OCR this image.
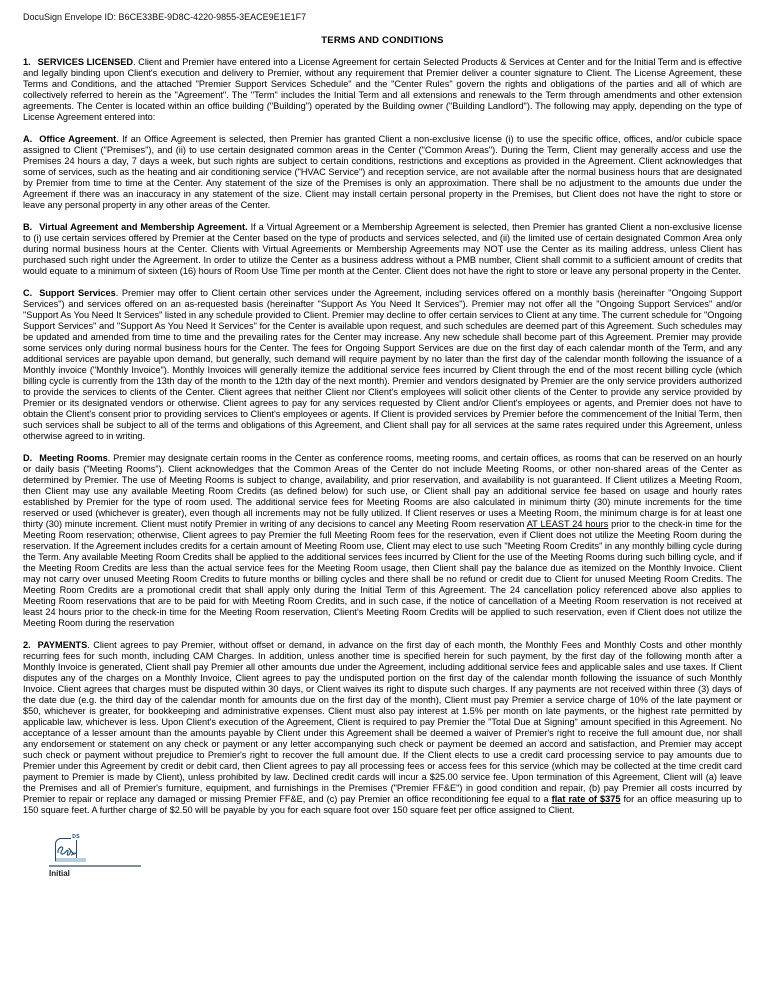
DocuSign Envelope ID: B6CE33BE-9D8C-4220-9855-3EACE9E1E1F7
TERMS AND CONDITIONS

1. SERVICES LICENSED. Client and Premier have entered into a License Agreement for certain Selected Products & Services at Center and for the Initial Term and is effective and legally binding upon Client's execution and delivery to Premier, without any requirement that Premier deliver a counter signature to Client. The License Agreement, these Terms and Conditions, and the attached "Premier Support Services Schedule" and the "Center Rules" govern the rights and obligations of the parties and all of which are collectively referred to herein as the "Agreement". The "Term" includes the Initial Term and all extensions and renewals to the Term through amendments and other extension agreements. The Center is located within an office building ("Building") operated by the Building owner ("Building Landlord"). The following may apply, depending on the type of License Agreement entered into:

A. Office Agreement. If an Office Agreement is selected, then Premier has granted Client a non-exclusive license (i) to use the specific office, offices, and/or cubicle space assigned to Client ("Premises"), and (ii) to use certain designated common areas in the Center ("Common Areas"). During the Term, Client may generally access and use the Premises 24 hours a day, 7 days a week, but such rights are subject to certain conditions, restrictions and exceptions as provided in the Agreement. Client acknowledges that some of services, such as the heating and air conditioning service ("HVAC Service") and reception service, are not available after the normal business hours that are designated by Premier from time to time at the Center. Any statement of the size of the Premises is only an approximation. There shall be no adjustment to the amounts due under the Agreement if there was an inaccuracy in any statement of the size. Client may install certain personal property in the Premises, but Client does not have the right to store or leave any personal property in any other areas of the Center.

B. Virtual Agreement and Membership Agreement. If a Virtual Agreement or a Membership Agreement is selected, then Premier has granted Client a non-exclusive license to (i) use certain services offered by Premier at the Center based on the type of products and services selected, and (ii) the limited use of certain designated Common Area only during normal business hours at the Center. Clients with Virtual Agreements or Membership Agreements may NOT use the Center as its mailing address, unless Client has purchased such right under the Agreement. In order to utilize the Center as a business address without a PMB number, Client shall commit to a sufficient amount of credits that would equate to a minimum of sixteen (16) hours of Room Use Time per month at the Center. Client does not have the right to store or leave any personal property in the Center.

C. Support Services. Premier may offer to Client certain other services under the Agreement, including services offered on a monthly basis (hereinafter "Ongoing Support Services") and services offered on an as-requested basis (hereinafter "Support As You Need It Services"). Premier may not offer all the "Ongoing Support Services" and/or "Support As You Need It Services" listed in any schedule provided to Client. Premier may decline to offer certain services to Client at any time. The current schedule for "Ongoing Support Services" and "Support As You Need It Services" for the Center is available upon request, and such schedules are deemed part of this Agreement. Such schedules may be updated and amended from time to time and the prevailing rates for the Center may increase. Any new schedule shall become part of this Agreement. Premier may provide some services only during normal business hours for the Center. The fees for Ongoing Support Services are due on the first day of each calendar month of the Term, and any additional services are payable upon demand, but generally, such demand will require payment by no later than the first day of the calendar month following the issuance of a Monthly invoice ("Monthly Invoice"). Monthly Invoices will generally itemize the additional service fees incurred by Client through the end of the most recent billing cycle (which billing cycle is currently from the 13th day of the month to the 12th day of the next month). Premier and vendors designated by Premier are the only service providers authorized to provide the services to clients of the Center. Client agrees that neither Client nor Client's employees will solicit other clients of the Center to provide any service provided by Premier or its designated vendors or otherwise. Client agrees to pay for any services requested by Client and/or Client's employees or agents, and Premier does not have to obtain the Client's consent prior to providing services to Client's employees or agents. If Client is provided services by Premier before the commencement of the Initial Term, then such services shall be subject to all of the terms and obligations of this Agreement, and Client shall pay for all services at the same rates required under this Agreement, unless otherwise agreed to in writing.

D. Meeting Rooms. Premier may designate certain rooms in the Center as conference rooms, meeting rooms, and certain offices, as rooms that can be reserved on an hourly or daily basis ("Meeting Rooms"). Client acknowledges that the Common Areas of the Center do not include Meeting Rooms, or other non-shared areas of the Center as determined by Premier. The use of Meeting Rooms is subject to change, availability, and prior reservation, and availability is not guaranteed. If Client utilizes a Meeting Room, then Client may use any available Meeting Room Credits (as defined below) for such use, or Client shall pay an additional service fee based on usage and hourly rates established by Premier for the type of room used. The additional service fees for Meeting Rooms are also calculated in minimum thirty (30) minute increments for the time reserved or used (whichever is greater), even though all increments may not be fully utilized. If Client reserves or uses a Meeting Room, the minimum charge is for at least one thirty (30) minute increment. Client must notify Premier in writing of any decisions to cancel any Meeting Room reservation AT LEAST 24 hours prior to the check-in time for the Meeting Room reservation; otherwise, Client agrees to pay Premier the full Meeting Room fees for the reservation, even if Client does not utilize the Meeting Room during the reservation. If the Agreement includes credits for a certain amount of Meeting Room use, Client may elect to use such "Meeting Room Credits" in any monthly billing cycle during the Term. Any available Meeting Room Credits shall be applied to the additional services fees incurred by Client for the use of the Meeting Rooms during such billing cycle, and if the Meeting Room Credits are less than the actual service fees for the Meeting Room usage, then Client shall pay the balance due as itemized on the Monthly Invoice. Client may not carry over unused Meeting Room Credits to future months or billing cycles and there shall be no refund or credit due to Client for unused Meeting Room Credits. The Meeting Room Credits are a promotional credit that shall apply only during the Initial Term of this Agreement. The 24 cancellation policy referenced above also applies to Meeting Room reservations that are to be paid for with Meeting Room Credits, and in such case, if the notice of cancellation of a Meeting Room reservation is not received at least 24 hours prior to the check-in time for the Meeting Room reservation, Client's Meeting Room Credits will be applied to such reservation, even if Client does not utilize the Meeting Room during the reservation

2. PAYMENTS. Client agrees to pay Premier, without offset or demand, in advance on the first day of each month, the Monthly Fees and Monthly Costs and other monthly recurring fees for such month, including CAM Charges. In addition, unless another time is specified herein for such payment, by the first day of the following month after a Monthly Invoice is generated, Client shall pay Premier all other amounts due under the Agreement, including additional service fees and applicable sales and use taxes. If Client disputes any of the charges on a Monthly Invoice, Client agrees to pay the undisputed portion on the first day of the calendar month following the issuance of such Monthly Invoice. Client agrees that charges must be disputed within 30 days, or Client waives its right to dispute such charges. If any payments are not received within three (3) days of the date due (e.g. the third day of the calendar month for amounts due on the first day of the month), Client must pay Premier a service charge of 10% of the late payment or $50, whichever is greater, for bookkeeping and administrative expenses. Client must also pay interest at 1.5% per month on late payments, or the highest rate permitted by applicable law, whichever is less. Upon Client's execution of the Agreement, Client is required to pay Premier the "Total Due at Signing" amount specified in this Agreement. No acceptance of a lesser amount than the amounts payable by Client under this Agreement shall be deemed a waiver of Premier's right to receive the full amount due, nor shall any endorsement or statement on any check or payment or any letter accompanying such check or payment be deemed an accord and satisfaction, and Premier may accept such check or payment without prejudice to Premier's right to recover the full amount due. If the Client elects to use a credit card processing service to pay amounts due to Premier under this Agreement by credit or debit card, then Client agrees to pay all processing fees or access fees for this service (which may be collected at the time credit card payment to Premier is made by Client), unless prohibited by law. Declined credit cards will incur a $25.00 service fee. Upon termination of this Agreement, Client will (a) leave the Premises and all of Premier's furniture, equipment, and furnishings in the Premises ("Premier FF&E") in good condition and repair, (b) pay Premier all costs incurred by Premier to repair or replace any damaged or missing Premier FF&E, and (c) pay Premier an office reconditioning fee equal to a flat rate of $375 for an office measuring up to 150 square feet. A further charge of $2.50 will be payable by you for each square foot over 150 square feet per office assigned to Client.

DS
Initial
